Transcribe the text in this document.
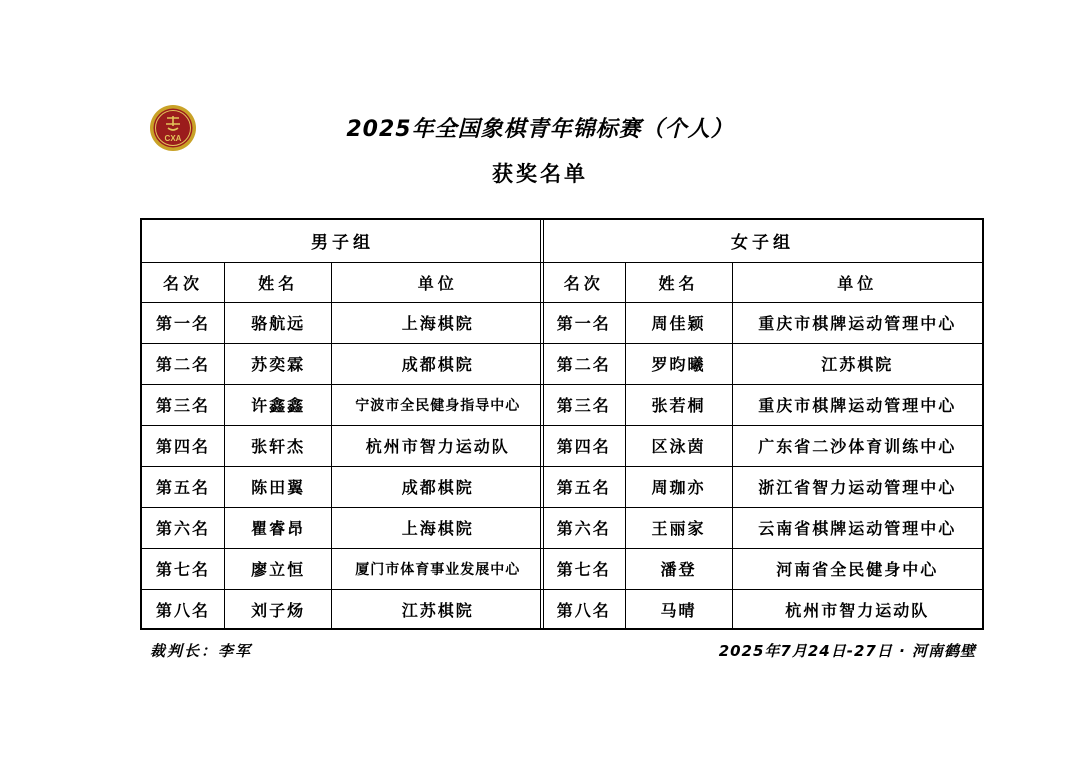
CXA	2025年全国象棋青年锦标赛（个人）
获奖名单
男子组		
名次	姓名	单位
第一名	骆航远	上海棋院
第二名	苏奕霖	成都棋院
第三名	许鑫鑫	宁波市全民健身指导中心
第四名	张轩杰	杭州市智力运动队
第五名	陈田翼	成都棋院
第六名	瞿睿昂	上海棋院
第七名	廖立恒	厦门市体育事业发展中心
第八名	刘子炀	江苏棋院
女子组		
名次	姓名	单位
第一名	周佳颖	重庆市棋牌运动管理中心
第二名	罗昀曦	江苏棋院
第三名	张若桐	重庆市棋牌运动管理中心
第四名	区泳茵	广东省二沙体育训练中心
第五名	周珈亦	浙江省智力运动管理中心
第六名	王丽家	云南省棋牌运动管理中心
第七名	潘登	河南省全民健身中心
第八名	马晴	杭州市智力运动队
裁判长：李军	2025年7月24日-27日 · 河南鹤壁
